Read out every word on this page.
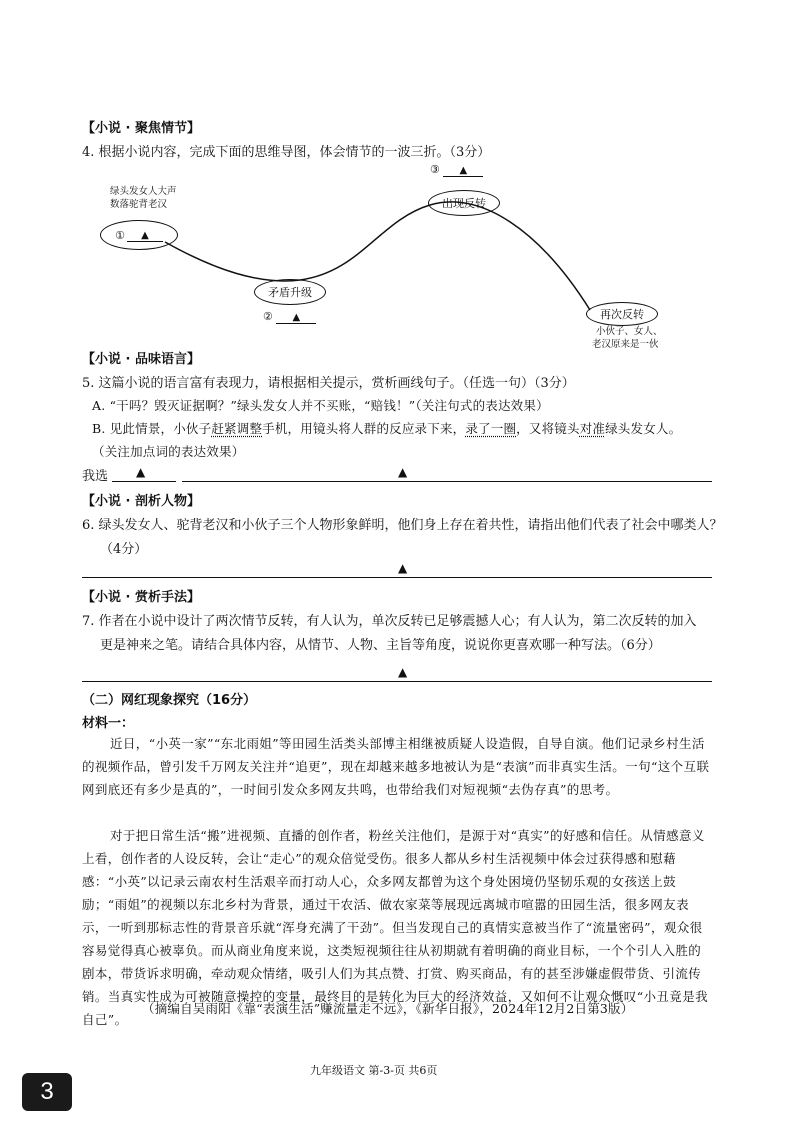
【小说 · 聚焦情节】
4. 根据小说内容，完成下面的思维导图，体会情节的一波三折。（3分）
绿头发女人大声
数落驼背老汉
①	▲
矛盾升级
② ▲
③ ▲
出现反转
再次反转
小伙子、女人、
老汉原来是一伙
【小说 · 品味语言】
5. 这篇小说的语言富有表现力，请根据相关提示，赏析画线句子。（任选一句）（3分）
A. “干吗？毁灭证据啊？”绿头发女人并不买账，“赔钱！”（关注句式的表达效果）
B. 见此情景，小伙子赶紧调整手机，用镜头将人群的反应录下来，录了一圈，又将镜头对准绿头发女人。
（关注加点词的表达效果）
我选 ▲	▲
【小说 · 剖析人物】
6. 绿头发女人、驼背老汉和小伙子三个人物形象鲜明，他们身上存在着共性，请指出他们代表了社会中哪类人？
（4分）
▲
【小说 · 赏析手法】
7. 作者在小说中设计了两次情节反转，有人认为，单次反转已足够震撼人心；有人认为，第二次反转的加入
更是神来之笔。请结合具体内容，从情节、人物、主旨等角度，说说你更喜欢哪一种写法。（6分）
▲
（二）网红现象探究（16分）
材料一：
近日，“小英一家”“东北雨姐”等田园生活类头部博主相继被质疑人设造假，自导自演。他们记录乡村生活的视频作品，曾引发千万网友关注并“追更”，现在却越来越多地被认为是“表演”而非真实生活。一句“这个互联网到底还有多少是真的”，一时间引发众多网友共鸣，也带给我们对短视频“去伪存真”的思考。
对于把日常生活“搬”进视频、直播的创作者，粉丝关注他们，是源于对“真实”的好感和信任。从情感意义上看，创作者的人设反转，会让“走心”的观众倍觉受伤。很多人都从乡村生活视频中体会过获得感和慰藉感：“小英”以记录云南农村生活艰辛而打动人心，众多网友都曾为这个身处困境仍坚韧乐观的女孩送上鼓励；“雨姐”的视频以东北乡村为背景，通过干农活、做农家菜等展现远离城市喧嚣的田园生活，很多网友表示，一听到那标志性的背景音乐就“浑身充满了干劲”。但当发现自己的真情实意被当作了“流量密码”，观众很容易觉得真心被辜负。而从商业角度来说，这类短视频往往从初期就有着明确的商业目标，一个个引人入胜的剧本，带货诉求明确，牵动观众情绪，吸引人们为其点赞、打赏、购买商品，有的甚至涉嫌虚假带货、引流传销。当真实性成为可被随意操控的变量，最终目的是转化为巨大的经济效益，又如何不让观众慨叹“小丑竟是我自己”。
（摘编自吴雨阳《靠“表演生活”赚流量走不远》，《新华日报》，2024年12月2日第3版）
九年级语文 第-3-页 共6页
3
